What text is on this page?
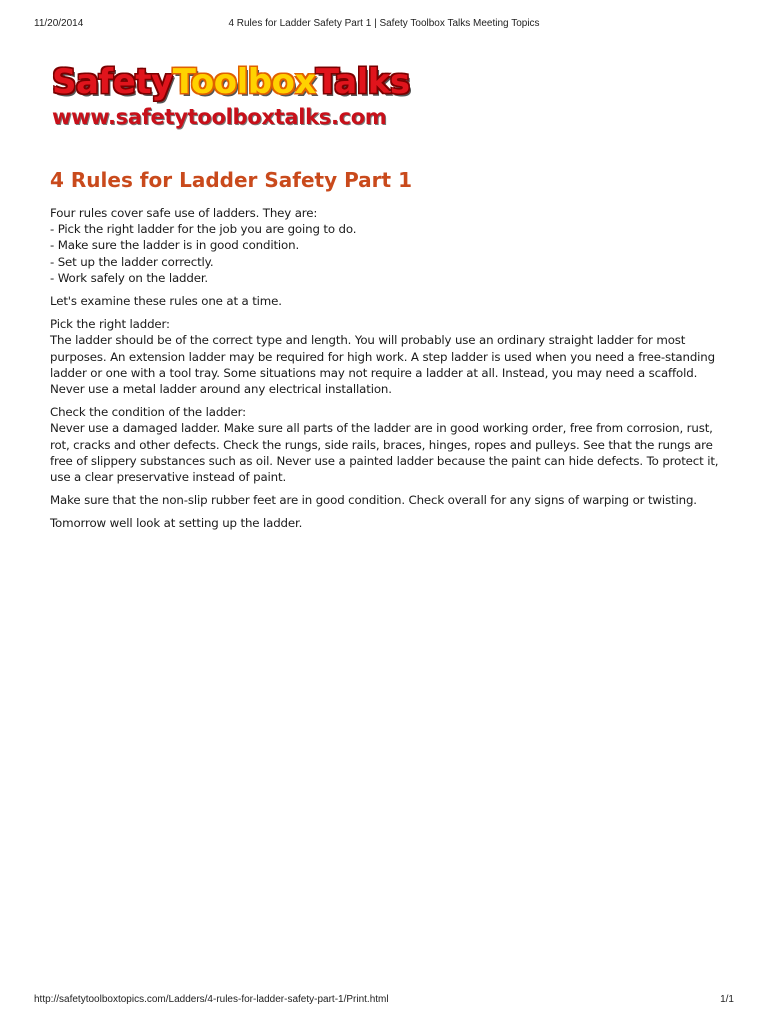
11/20/2014	4 Rules for Ladder Safety Part 1 | Safety Toolbox Talks Meeting Topics
SafetyToolboxTalks
www.safetytoolboxtalks.com
4 Rules for Ladder Safety Part 1

Four rules cover safe use of ladders. They are:
- Pick the right ladder for the job you are going to do.
- Make sure the ladder is in good condition.
- Set up the ladder correctly.
- Work safely on the ladder.

Let's examine these rules one at a time.

Pick the right ladder:
The ladder should be of the correct type and length. You will probably use an ordinary straight ladder for most
purposes. An extension ladder may be required for high work. A step ladder is used when you need a free-standing
ladder or one with a tool tray. Some situations may not require a ladder at all. Instead, you may need a scaffold.
Never use a metal ladder around any electrical installation.

Check the condition of the ladder:
Never use a damaged ladder. Make sure all parts of the ladder are in good working order, free from corrosion, rust,
rot, cracks and other defects. Check the rungs, side rails, braces, hinges, ropes and pulleys. See that the rungs are
free of slippery substances such as oil. Never use a painted ladder because the paint can hide defects. To protect it,
use a clear preservative instead of paint.

Make sure that the non-slip rubber feet are in good condition. Check overall for any signs of warping or twisting.

Tomorrow well look at setting up the ladder.

http://safetytoolboxtopics.com/Ladders/4-rules-for-ladder-safety-part-1/Print.html	1/1
